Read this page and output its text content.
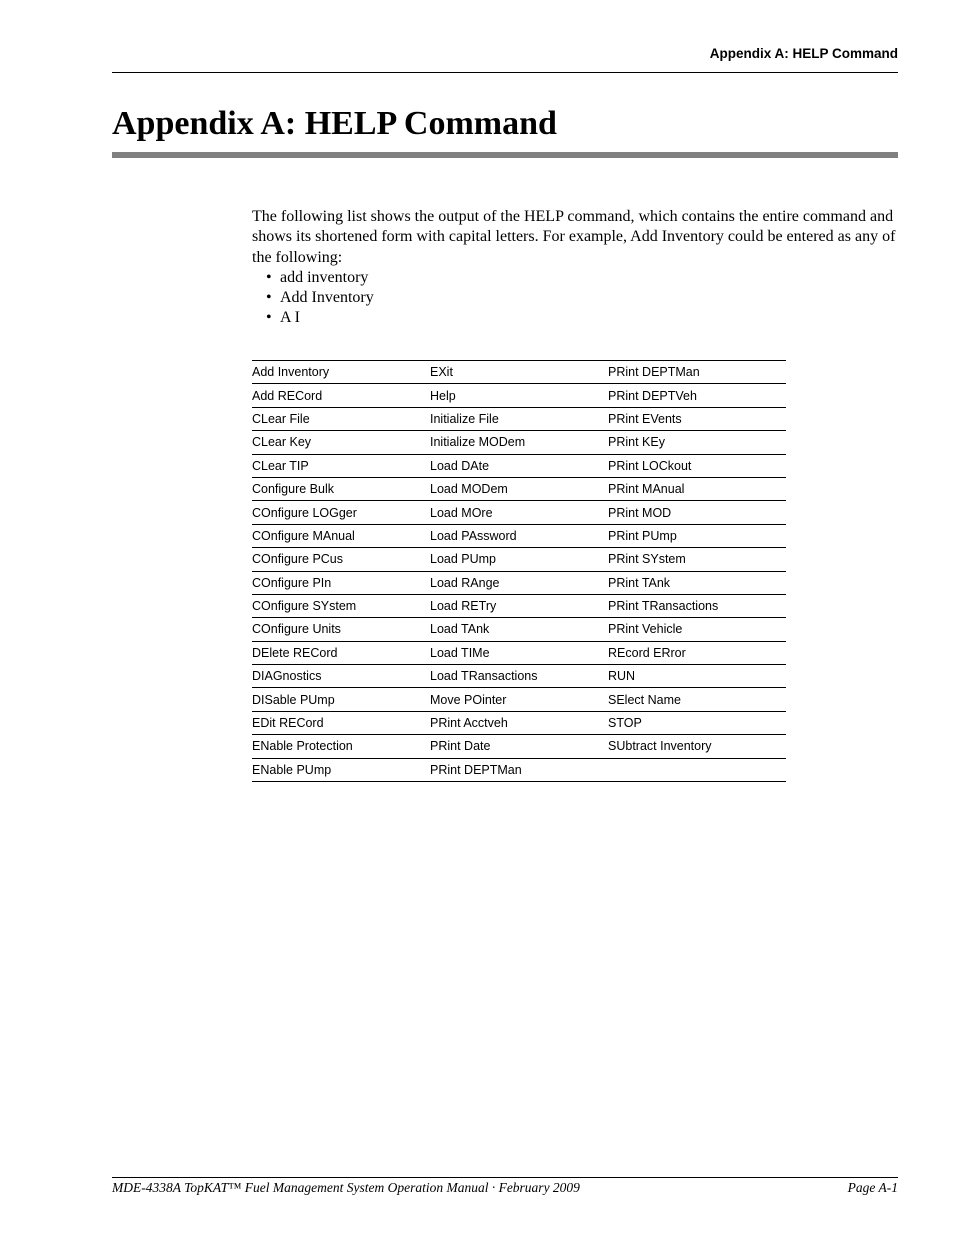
Appendix A: HELP Command
Appendix A: HELP Command

The following list shows the output of the HELP command, which contains the entire command and shows its shortened form with capital letters. For example, Add Inventory could be entered as any of the following:

• add inventory
• Add Inventory
• A I
Add Inventory	EXit	PRint DEPTMan
Add RECord	Help	PRint DEPTVeh
CLear File	Initialize File	PRint EVents
CLear Key	Initialize MODem	PRint KEy
CLear TIP	Load DAte	PRint LOCkout
Configure Bulk	Load MODem	PRint MAnual
COnfigure LOGger	Load MOre	PRint MOD
COnfigure MAnual	Load PAssword	PRint PUmp
COnfigure PCus	Load PUmp	PRint SYstem
COnfigure PIn	Load RAnge	PRint TAnk
COnfigure SYstem	Load RETry	PRint TRansactions
COnfigure Units	Load TAnk	PRint Vehicle
DElete RECord	Load TIMe	REcord ERror
DIAGnostics	Load TRansactions	RUN
DISable PUmp	Move POinter	SElect Name
EDit RECord	PRint Acctveh	STOP
ENable Protection	PRint Date	SUbtract Inventory
ENable PUmp	PRint DEPTMan	
MDE-4338A TopKAT™ Fuel Management System Operation Manual · February 2009	Page A-1
